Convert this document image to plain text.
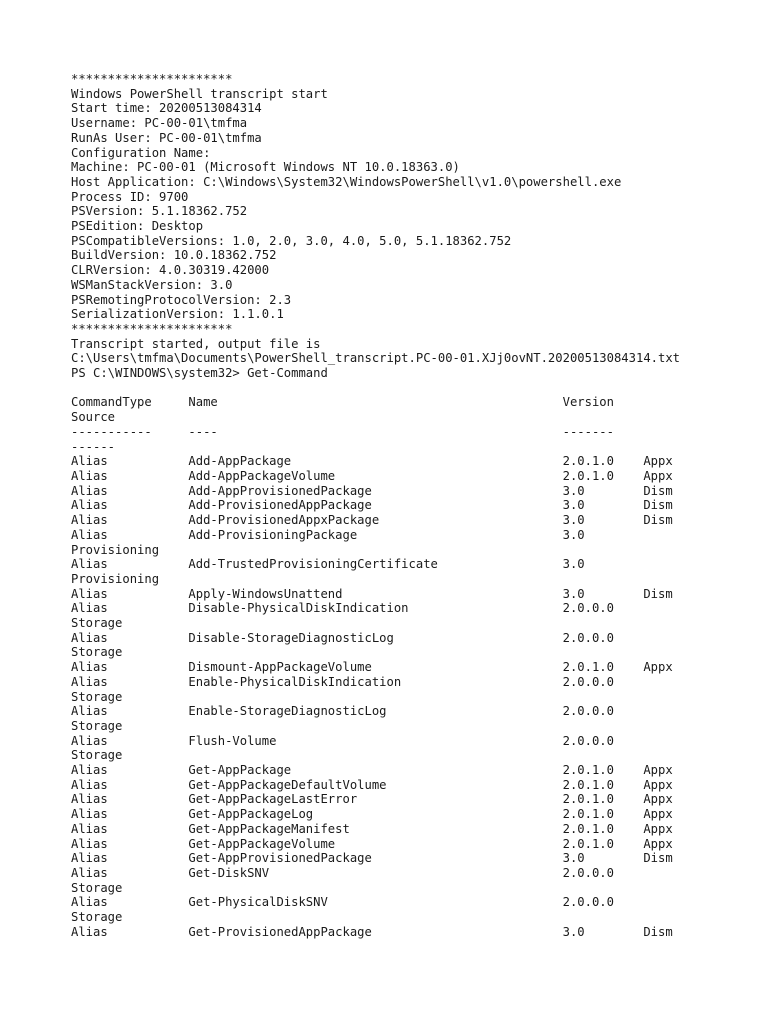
**********************
Windows PowerShell transcript start
Start time: 20200513084314
Username: PC-00-01\tmfma
RunAs User: PC-00-01\tmfma
Configuration Name:
Machine: PC-00-01 (Microsoft Windows NT 10.0.18363.0)
Host Application: C:\Windows\System32\WindowsPowerShell\v1.0\powershell.exe
Process ID: 9700
PSVersion: 5.1.18362.752
PSEdition: Desktop
PSCompatibleVersions: 1.0, 2.0, 3.0, 4.0, 5.0, 5.1.18362.752
BuildVersion: 10.0.18362.752
CLRVersion: 4.0.30319.42000
WSManStackVersion: 3.0
PSRemotingProtocolVersion: 2.3
SerializationVersion: 1.1.0.1
**********************
Transcript started, output file is
C:\Users\tmfma\Documents\PowerShell_transcript.PC-00-01.XJj0ovNT.20200513084314.txt
PS C:\WINDOWS\system32> Get-Command

CommandType     Name                                               Version
Source
-----------     ----                                               -------
------
Alias           Add-AppPackage                                     2.0.1.0    Appx
Alias           Add-AppPackageVolume                               2.0.1.0    Appx
Alias           Add-AppProvisionedPackage                          3.0        Dism
Alias           Add-ProvisionedAppPackage                          3.0        Dism
Alias           Add-ProvisionedAppxPackage                         3.0        Dism
Alias           Add-ProvisioningPackage                            3.0
Provisioning
Alias           Add-TrustedProvisioningCertificate                 3.0
Provisioning
Alias           Apply-WindowsUnattend                              3.0        Dism
Alias           Disable-PhysicalDiskIndication                     2.0.0.0
Storage
Alias           Disable-StorageDiagnosticLog                       2.0.0.0
Storage
Alias           Dismount-AppPackageVolume                          2.0.1.0    Appx
Alias           Enable-PhysicalDiskIndication                      2.0.0.0
Storage
Alias           Enable-StorageDiagnosticLog                        2.0.0.0
Storage
Alias           Flush-Volume                                       2.0.0.0
Storage
Alias           Get-AppPackage                                     2.0.1.0    Appx
Alias           Get-AppPackageDefaultVolume                        2.0.1.0    Appx
Alias           Get-AppPackageLastError                            2.0.1.0    Appx
Alias           Get-AppPackageLog                                  2.0.1.0    Appx
Alias           Get-AppPackageManifest                             2.0.1.0    Appx
Alias           Get-AppPackageVolume                               2.0.1.0    Appx
Alias           Get-AppProvisionedPackage                          3.0        Dism
Alias           Get-DiskSNV                                        2.0.0.0
Storage
Alias           Get-PhysicalDiskSNV                                2.0.0.0
Storage
Alias           Get-ProvisionedAppPackage                          3.0        Dism
